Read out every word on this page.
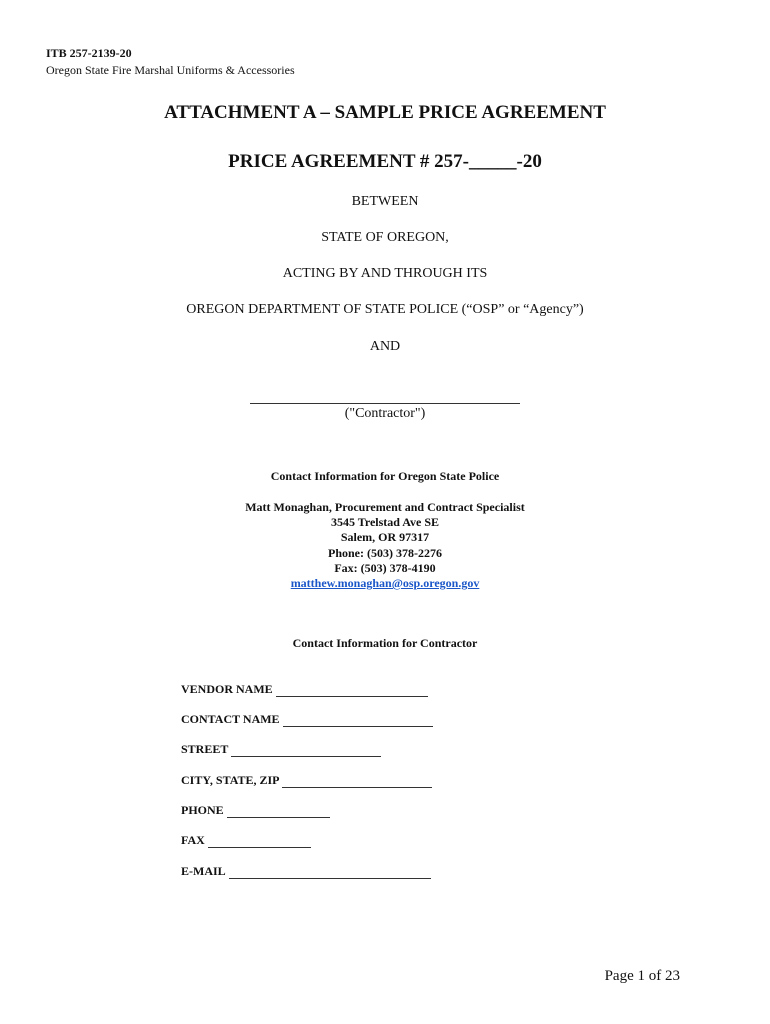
ITB 257-2139-20
Oregon State Fire Marshal Uniforms & Accessories
ATTACHMENT A – SAMPLE PRICE AGREEMENT
PRICE AGREEMENT # 257-_____-20
BETWEEN
STATE OF OREGON,
ACTING BY AND THROUGH ITS
OREGON DEPARTMENT OF STATE POLICE (“OSP” or “Agency”)
AND
("Contractor")
Contact Information for Oregon State Police
Matt Monaghan, Procurement and Contract Specialist
3545 Trelstad Ave SE
Salem, OR 97317
Phone: (503) 378-2276
Fax: (503) 378-4190
matthew.monaghan@osp.oregon.gov
Contact Information for Contractor
VENDOR NAME
CONTACT NAME
STREET
CITY, STATE, ZIP
PHONE
FAX
E-MAIL
Page 1 of 23
